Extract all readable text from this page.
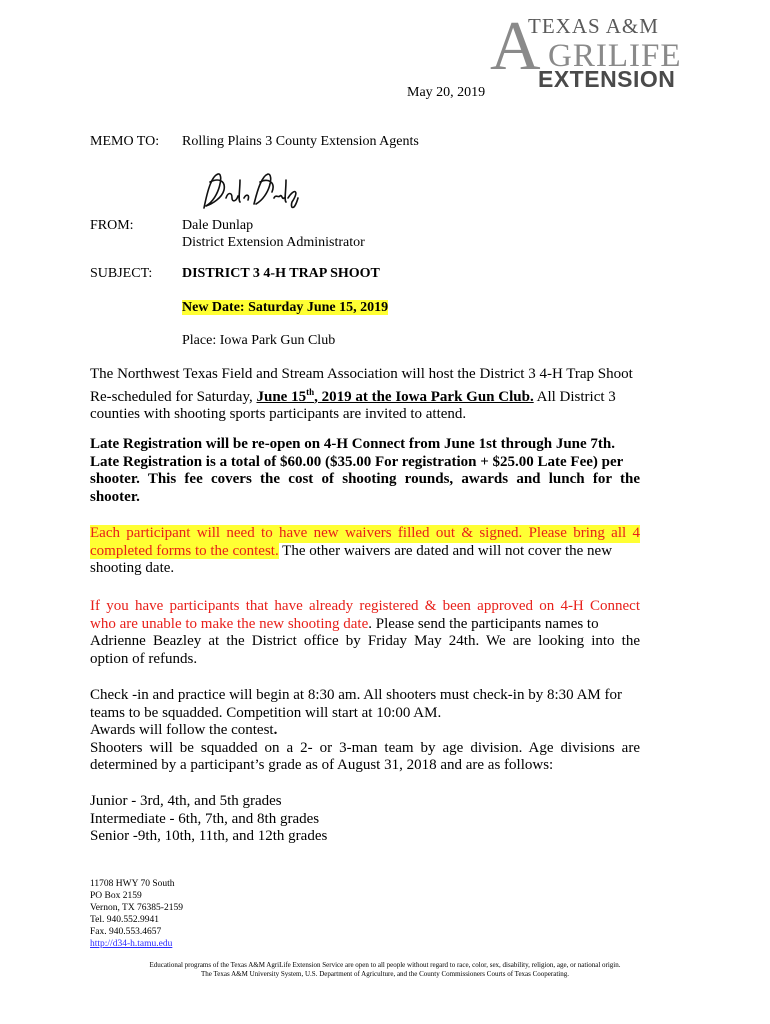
A
TEXAS A&M
GRILIFE
EXTENSION
May 20, 2019
MEMO TO: Rolling Plains 3 County Extension Agents
FROM:	Dale Dunlap
District Extension Administrator
SUBJECT: DISTRICT 3 4-H TRAP SHOOT
New Date: Saturday June 15, 2019
Place: Iowa Park Gun Club
The Northwest Texas Field and Stream Association will host the District 3 4-H Trap Shoot
Re-scheduled for Saturday, June 15th, 2019 at the Iowa Park Gun Club. All District 3
counties with shooting sports participants are invited to attend.
Late Registration will be re-open on 4-H Connect from June 1st through June 7th.
Late Registration is a total of $60.00 ($35.00 For registration + $25.00 Late Fee) per
shooter. This fee covers the cost of shooting rounds, awards and lunch for the
shooter.
Each participant will need to have new waivers filled out & signed. Please bring all 4
completed forms to the contest. The other waivers are dated and will not cover the new
shooting date.
If you have participants that have already registered & been approved on 4-H Connect
who are unable to make the new shooting date. Please send the participants names to
Adrienne Beazley at the District office by Friday May 24th. We are looking into the
option of refunds.
Check -in and practice will begin at 8:30 am. All shooters must check-in by 8:30 AM for
teams to be squadded. Competition will start at 10:00 AM.
Awards will follow the contest.
Shooters will be squadded on a 2- or 3-man team by age division. Age divisions are
determined by a participant’s grade as of August 31, 2018 and are as follows:
Junior - 3rd, 4th, and 5th grades
Intermediate - 6th, 7th, and 8th grades
Senior -9th, 10th, 11th, and 12th grades
11708 HWY 70 South
PO Box 2159
Vernon, TX 76385-2159
Tel. 940.552.9941
Fax. 940.553.4657
http://d34-h.tamu.edu
Educational programs of the Texas A&M AgriLife Extension Service are open to all people without regard to race, color, sex, disability, religion, age, or national origin.
The Texas A&M University System, U.S. Department of Agriculture, and the County Commissioners Courts of Texas Cooperating.
